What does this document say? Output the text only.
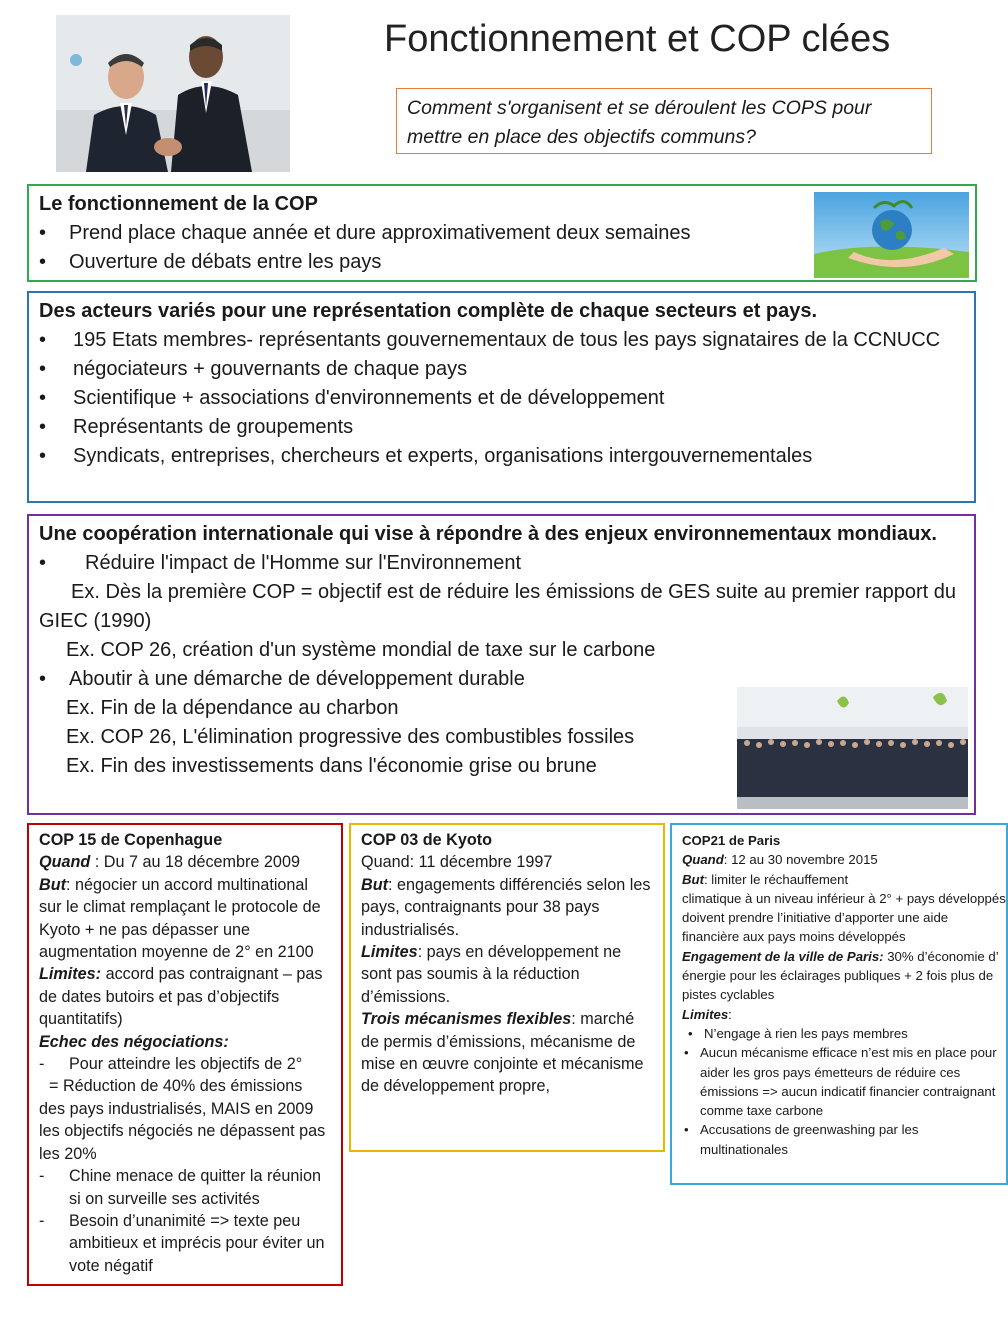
Fonctionnement et COP clées
Comment s'organisent et se déroulent les COPS pour mettre en place des objectifs communs?
Le fonctionnement de la COP
• Prend place chaque année et dure approximativement deux semaines
• Ouverture de débats entre les pays
Des acteurs variés pour une représentation complète de chaque secteurs et pays.
• 195 Etats membres- représentants gouvernementaux de tous les pays signataires de la CCNUCC
• négociateurs + gouvernants de chaque pays
• Scientifique + associations d'environnements et de développement
• Représentants de groupements
• Syndicats, entreprises, chercheurs et experts, organisations intergouvernementales
Une coopération internationale qui vise à répondre à des enjeux environnementaux mondiaux.
• Réduire l'impact de l'Homme sur l'Environnement
Ex. Dès la première COP = objectif est de réduire les émissions de GES suite au premier rapport du GIEC (1990)
Ex. COP 26, création d'un système mondial de taxe sur le carbone
• Aboutir à une démarche de développement durable
Ex. Fin de la dépendance au charbon
Ex. COP 26, L'élimination progressive des combustibles fossiles
Ex. Fin des investissements dans l'économie grise ou brune
COP 15 de Copenhague
Quand : Du 7 au 18 décembre 2009
But: négocier un accord multinational sur le climat remplaçant le protocole de Kyoto + ne pas dépasser une augmentation moyenne de 2° en 2100
Limites: accord pas contraignant – pas de dates butoirs et pas d’objectifs quantitatifs)
Echec des négociations:
- Pour atteindre les objectifs de 2°
= Réduction de 40% des émissions des pays industrialisés, MAIS en 2009 les objectifs négociés ne dépassent pas les 20%
- Chine menace de quitter la réunion si on surveille ses activités
- Besoin d’unanimité => texte peu ambitieux et imprécis pour éviter un vote négatif
COP 03 de Kyoto
Quand: 11 décembre 1997
But: engagements différenciés selon les pays, contraignants pour 38 pays industrialisés.
Limites: pays en développement ne sont pas soumis à la réduction d’émissions.
Trois mécanismes flexibles: marché de permis d’émissions, mécanisme de mise en œuvre conjointe et mécanisme de développement propre,
COP21 de Paris
Quand: 12 au 30 novembre 2015
But: limiter le réchauffement
climatique à un niveau inférieur à 2° + pays développés doivent prendre l’initiative d’apporter une aide financière aux pays moins développés
Engagement de la ville de Paris: 30% d’économie d’ énergie pour les éclairages publiques + 2 fois plus de pistes cyclables
Limites:
• N’engage à rien les pays membres
• Aucun mécanisme efficace n’est mis en place pour aider les gros pays émetteurs de réduire ces émissions => aucun indicatif financier contraignant comme taxe carbone
• Accusations de greenwashing par les multinationales
